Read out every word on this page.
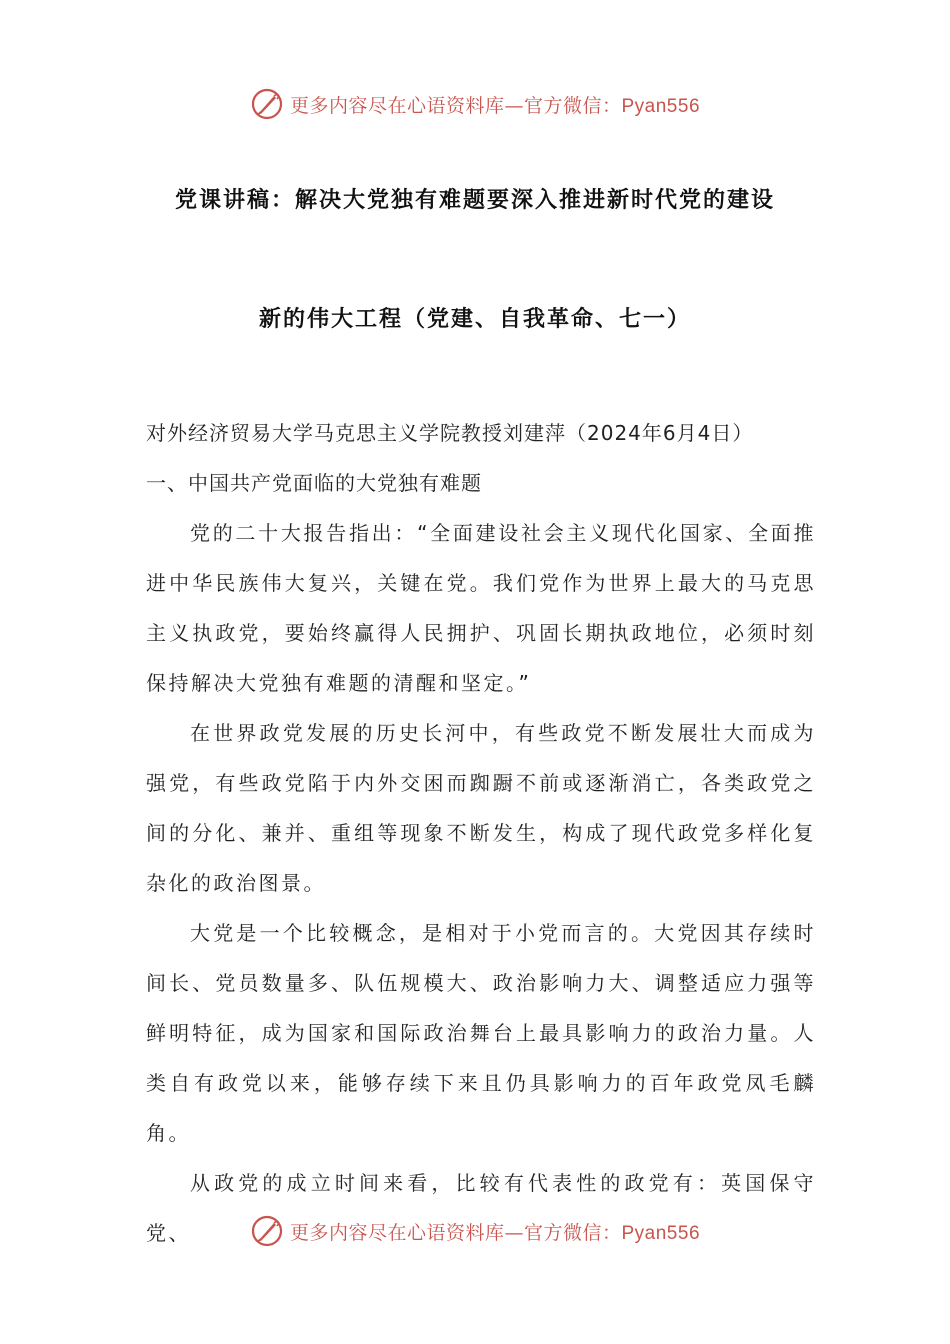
更多内容尽在心语资料库—官方微信：Pyan556
党课讲稿：解决大党独有难题要深入推进新时代党的建设
新的伟大工程（党建、自我革命、七一）
对外经济贸易大学马克思主义学院教授刘建萍（2024年6月4日）
一、中国共产党面临的大党独有难题

党的二十大报告指出：“全面建设社会主义现代化国家、全面推进中华民族伟大复兴，关键在党。我们党作为世界上最大的马克思主义执政党，要始终赢得人民拥护、巩固长期执政地位，必须时刻保持解决大党独有难题的清醒和坚定。”

在世界政党发展的历史长河中，有些政党不断发展壮大而成为强党，有些政党陷于内外交困而踟蹰不前或逐渐消亡，各类政党之间的分化、兼并、重组等现象不断发生，构成了现代政党多样化复杂化的政治图景。

大党是一个比较概念，是相对于小党而言的。大党因其存续时间长、党员数量多、队伍规模大、政治影响力大、调整适应力强等鲜明特征，成为国家和国际政治舞台上最具影响力的政治力量。人类自有政党以来，能够存续下来且仍具影响力的百年政党凤毛麟角。

从政党的成立时间来看，比较有代表性的政党有：英国保守党、	更多内容尽在心语资料库—官方微信：Pyan556
